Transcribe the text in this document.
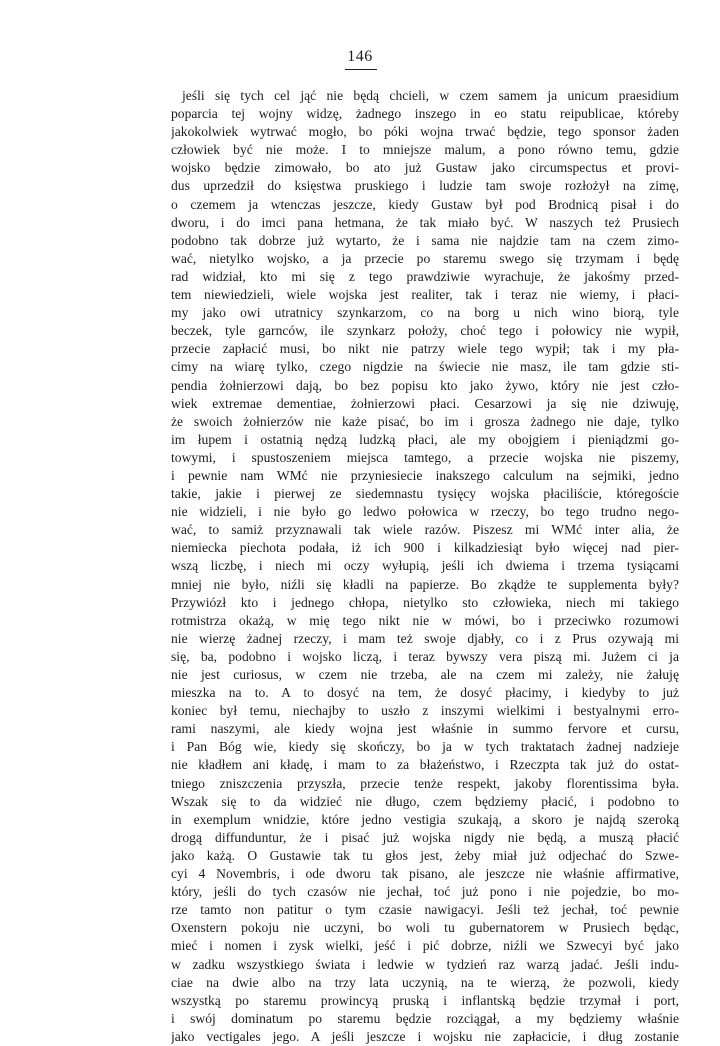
146
jeśli się tych cel jąć nie będą chcieli, w czem samem ja unicum praesidium
poparcia tej wojny widzę, żadnego inszego in eo statu reipublicae, któreby
jakokolwiek wytrwać mogło, bo póki wojna trwać będzie, tego sponsor żaden
człowiek być nie może. I to mniejsze malum, a pono równo temu, gdzie
wojsko będzie zimowało, bo ato już Gustaw jako circumspectus et provi-
dus uprzedził do księstwa pruskiego i ludzie tam swoje rozłożył na zimę,
o czemem ja wtenczas jeszcze, kiedy Gustaw był pod Brodnicą pisał i do
dworu, i do imci pana hetmana, że tak miało być. W naszych też Prusiech
podobno tak dobrze już wytarto, że i sama nie najdzie tam na czem zimo-
wać, nietylko wojsko, a ja przecie po staremu swego się trzymam i będę
rad widział, kto mi się z tego prawdziwie wyrachuje, że jakośmy przed-
tem niewiedzieli, wiele wojska jest realiter, tak i teraz nie wiemy, i płaci-
my jako owi utratnicy szynkarzom, co na borg u nich wino biorą, tyle
beczek, tyle garnców, ile szynkarz położy, choć tego i połowicy nie wypił,
przecie zapłacić musi, bo nikt nie patrzy wiele tego wypił; tak i my pła-
cimy na wiarę tylko, czego nigdzie na świecie nie masz, ile tam gdzie sti-
pendia żołnierzowi dają, bo bez popisu kto jako żywo, który nie jest czło-
wiek extremae dementiae, żołnierzowi płaci. Cesarzowi ja się nie dziwuję,
że swoich żołnierzów nie każe pisać, bo im i grosza żadnego nie daje, tylko
im łupem i ostatnią nędzą ludzką płaci, ale my obojgiem i pieniądzmi go-
towymi, i spustoszeniem miejsca tamtego, a przecie wojska nie piszemy,
i pewnie nam WMć nie przyniesiecie inakszego calculum na sejmiki, jedno
takie, jakie i pierwej ze siedemnastu tysięcy wojska płaciliście, któregoście
nie widzieli, i nie było go ledwo połowica w rzeczy, bo tego trudno nego-
wać, to samiż przyznawali tak wiele razów. Piszesz mi WMć inter alia, że
niemiecka piechota podała, iż ich 900 i kilkadziesiąt było więcej nad pier-
wszą liczbę, i niech mi oczy wyłupią, jeśli ich dwiema i trzema tysiącami
mniej nie było, niźli się kładli na papierze. Bo zkądże te supplementa były?
Przywiózł kto i jednego chłopa, nietylko sto człowieka, niech mi takiego
rotmistrza okażą, w mię tego nikt nie w mówi, bo i przeciwko rozumowi
nie wierzę żadnej rzeczy, i mam też swoje djabły, co i z Prus ozywają mi
się, ba, podobno i wojsko liczą, i teraz bywszy vera piszą mi. Jużem ci ja
nie jest curiosus, w czem nie trzeba, ale na czem mi zależy, nie żałuję
mieszka na to. A to dosyć na tem, że dosyć płacimy, i kiedyby to już
koniec był temu, niechajby to uszło z inszymi wielkimi i bestyalnymi erro-
rami naszymi, ale kiedy wojna jest właśnie in summo fervore et cursu,
i Pan Bóg wie, kiedy się skończy, bo ja w tych traktatach żadnej nadzieje
nie kładłem ani kładę, i mam to za błażeństwo, i Rzeczpta tak już do ostat-
tniego zniszczenia przyszła, przecie tenże respekt, jakoby florentissima była.
Wszak się to da widzieć nie długo, czem będziemy płacić, i podobno to
in exemplum wnidzie, które jedno vestigia szukają, a skoro je najdą szeroką
drogą diffunduntur, że i pisać już wojska nigdy nie będą, a muszą płacić
jako każą. O Gustawie tak tu głos jest, żeby miał już odjechać do Szwe-
cyi 4 Novembris, i ode dworu tak pisano, ale jeszcze nie właśnie affirmative,
który, jeśli do tych czasów nie jechał, toć już pono i nie pojedzie, bo mo-
rze tamto non patitur o tym czasie nawigacyi. Jeśli też jechał, toć pewnie
Oxenstern pokoju nie uczyni, bo woli tu gubernatorem w Prusiech będąc,
mieć i nomen i zysk wielki, jeść i pić dobrze, niźli we Szwecyi być jako
w zadku wszystkiego świata i ledwie w tydzień raz warzą jadać. Jeśli indu-
ciae na dwie albo na trzy lata uczynią, na te wierzą, że pozwoli, kiedy
wszystką po staremu prowincyą pruską i inflantską będzie trzymał i port,
i swój dominatum po staremu będzie rozciągał, a my będziemy właśnie
jako vectigales jego. A jeśli jeszcze i wojsku nie zapłacicie, i dług zostanie
